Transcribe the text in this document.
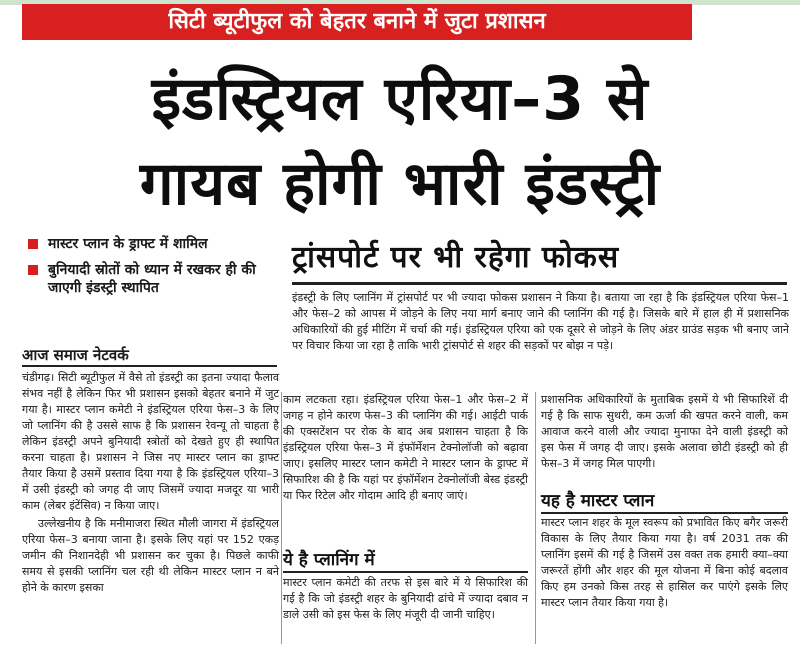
सिटी ब्यूटीफुल को बेहतर बनाने में जुटा प्रशासन
इंडस्ट्रियल एरिया–3 से
गायब होगी भारी इंडस्ट्री
मास्टर प्लान के ड्राफ्ट में शामिल
बुनियादी स्रोतों को ध्यान में रखकर ही की जाएगी इंडस्ट्री स्थापित
ट्रांसपोर्ट पर भी रहेगा फोकस
इंडस्ट्री के लिए प्लानिंग में ट्रांसपोर्ट पर भी ज्यादा फोकस प्रशासन ने किया है। बताया जा रहा है कि इंडस्ट्रियल एरिया फेस–1 और फेस–2 को आपस में जोड़ने के लिए नया मार्ग बनाए जाने की प्लानिंग की गई है। जिसके बारे में हाल ही में प्रशासनिक अधिकारियों की हुई मीटिंग में चर्चा की गई। इंडस्ट्रियल एरिया को एक दूसरे से जोड़ने के लिए अंडर ग्राउंड सड़क भी बनाए जाने पर विचार किया जा रहा है ताकि भारी ट्रांसपोर्ट से शहर की सड़कों पर बोझ न पड़े।
आज समाज नेटवर्क

चंडीगढ़। सिटी ब्यूटीफुल में वैसे तो इंडस्ट्री का इतना ज्यादा फैलाव संभव नहीं है लेकिन फिर भी प्रशासन इसको बेहतर बनाने में जुट गया है। मास्टर प्लान कमेटी ने इंडस्ट्रियल एरिया फेस–3 के लिए जो प्लानिंग की है उससे साफ है कि प्रशासन रेवन्यू तो चाहता है लेकिन इंडस्ट्री अपने बुनियादी स्त्रोतों को देखते हुए ही स्थापित करना चाहता है। प्रशासन ने जिस नए मास्टर प्लान का ड्राफ्ट तैयार किया है उसमें प्रस्ताव दिया गया है कि इंडस्ट्रियल एरिया–3 में उसी इंडस्ट्री को जगह दी जाए जिसमें ज्यादा मजदूर या भारी काम (लेबर इंटेंसिव) न किया जाए।

उल्लेखनीय है कि मनीमाजरा स्थित मौली जागरा में इंडस्ट्रियल एरिया फेस–3 बनाया जाना है। इसके लिए यहां पर 152 एकड़ जमीन की निशानदेही भी प्रशासन कर चुका है। पिछले काफी समय से इसकी प्लानिंग चल रही थी लेकिन मास्टर प्लान न बने होने के कारण इसका

काम लटकता रहा। इंडस्ट्रियल एरिया फेस–1 और फेस–2 में जगह न होने कारण फेस–3 की प्लानिंग की गई। आईटी पार्क की एक्सटेंशन पर रोक के बाद अब प्रशासन चाहता है कि इंडस्ट्रियल एरिया फेस–3 में इंफॉर्मेशन टेक्नोलॉजी को बढ़ावा जाए। इसलिए मास्टर प्लान कमेटी ने मास्टर प्लान के ड्राफ्ट में सिफारिश की है कि यहां पर इंफॉर्मेशन टेक्नोलॉजी बेस्ड इंडस्ट्री या फिर रिटेल और गोदाम आदि ही बनाए जाएं।
ये है प्लानिंग में
मास्टर प्लान कमेटी की तरफ से इस बारे में ये सिफारिश की गई है कि जो इंडस्ट्री शहर के बुनियादी ढांचे में ज्यादा दबाव न डाले उसी को इस फेस के लिए मंजूरी दी जानी चाहिए।
प्रशासनिक अधिकारियों के मुताबिक इसमें ये भी सिफारिशें दी गई है कि साफ सुथरी, कम ऊर्जा की खपत करने वाली, कम आवाज करने वाली और ज्यादा मुनाफा देने वाली इंडस्ट्री को इस फेस में जगह दी जाए। इसके अलावा छोटी इंडस्ट्री को ही फेस–3 में जगह मिल पाएगी।
यह है मास्टर प्लान
मास्टर प्लान शहर के मूल स्वरूप को प्रभावित किए बगैर जरूरी विकास के लिए तैयार किया गया है। वर्ष 2031 तक की प्लानिंग इसमें की गई है जिसमें उस वक्त तक हमारी क्या–क्या जरूरतें होंगी और शहर की मूल योजना में बिना कोई बदलाव किए हम उनको किस तरह से हासिल कर पाएंगे इसके लिए मास्टर प्लान तैयार किया गया है।
